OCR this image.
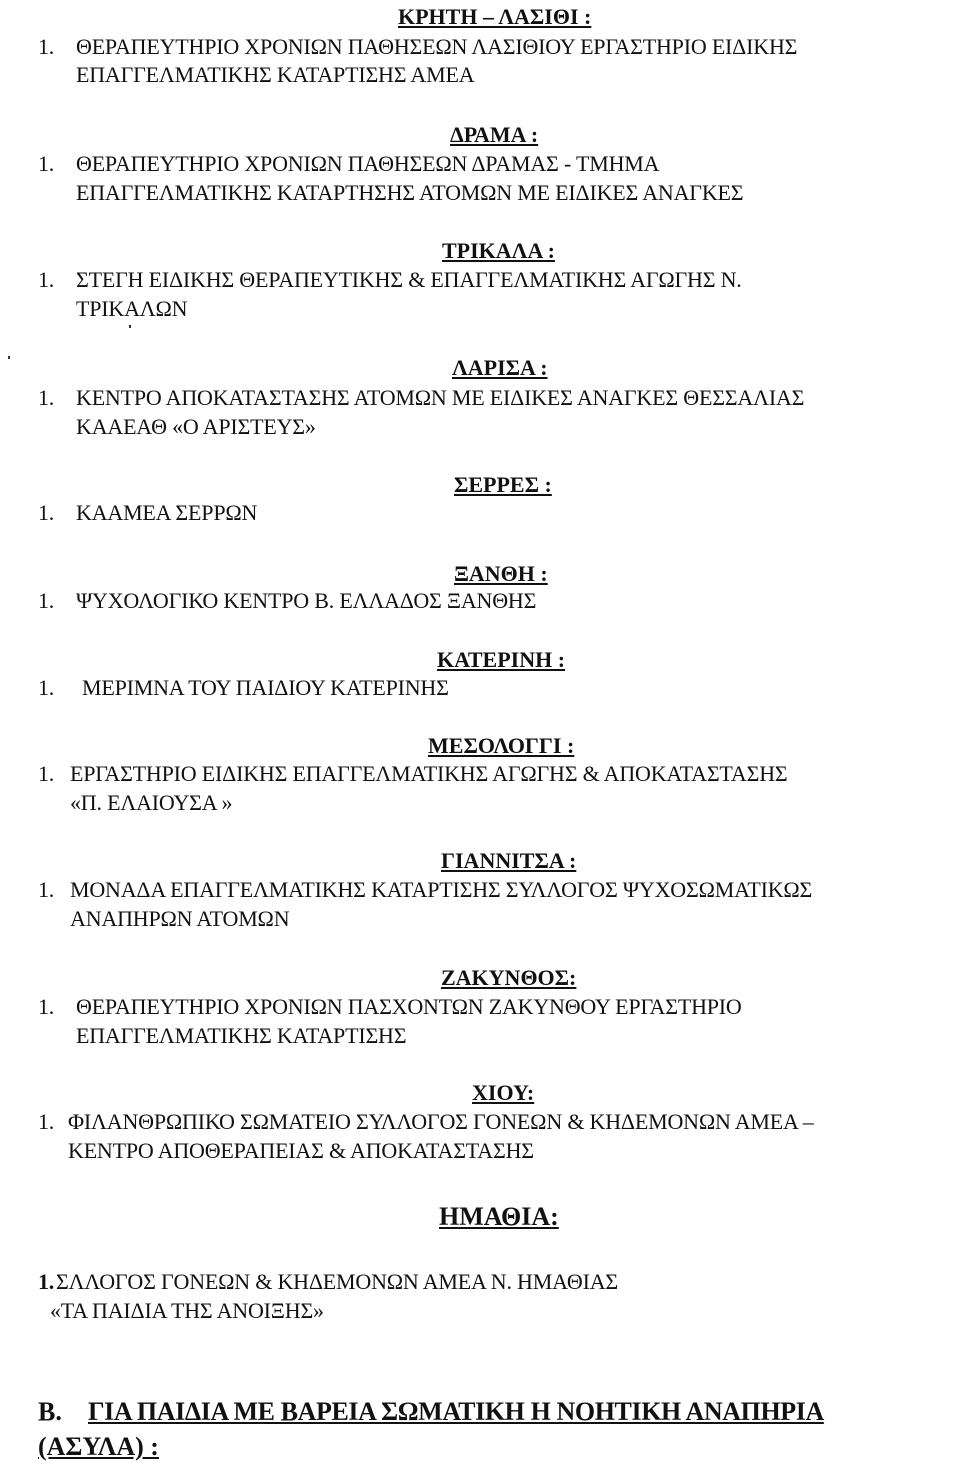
ΚΡΗΤΗ – ΛΑΣΙΘΙ :
1. ΘΕΡΑΠΕΥΤΗΡΙΟ ΧΡΟΝΙΩΝ ΠΑΘΗΣΕΩΝ ΛΑΣΙΘΙΟΥ ΕΡΓΑΣΤΗΡΙΟ ΕΙΔΙΚΗΣ
ΕΠΑΓΓΕΛΜΑΤΙΚΗΣ ΚΑΤΑΡΤΙΣΗΣ ΑΜΕΑ
ΔΡΑΜΑ :
1. ΘΕΡΑΠΕΥΤΗΡΙΟ ΧΡΟΝΙΩΝ ΠΑΘΗΣΕΩΝ ΔΡΑΜΑΣ - ΤΜΗΜΑ
ΕΠΑΓΓΕΛΜΑΤΙΚΗΣ ΚΑΤΑΡΤΗΣΗΣ ΑΤΟΜΩΝ ΜΕ ΕΙΔΙΚΕΣ ΑΝΑΓΚΕΣ
ΤΡΙΚΑΛΑ :
1. ΣΤΕΓΗ ΕΙΔΙΚΗΣ ΘΕΡΑΠΕΥΤΙΚΗΣ & ΕΠΑΓΓΕΛΜΑΤΙΚΗΣ ΑΓΩΓΗΣ Ν.
ΤΡΙΚΑΛΩΝ
ΛΑΡΙΣΑ :
1. ΚΕΝΤΡΟ ΑΠΟΚΑΤΑΣΤΑΣΗΣ ΑΤΟΜΩΝ ΜΕ ΕΙΔΙΚΕΣ ΑΝΑΓΚΕΣ ΘΕΣΣΑΛΙΑΣ
ΚΑΑΕΑΘ «Ο ΑΡΙΣΤΕΥΣ»
ΣΕΡΡΕΣ :
1. ΚΑΑΜΕΑ ΣΕΡΡΩΝ
ΞΑΝΘΗ :
1. ΨΥΧΟΛΟΓΙΚΟ ΚΕΝΤΡΟ Β. ΕΛΛΑΔΟΣ ΞΑΝΘΗΣ
ΚΑΤΕΡΙΝΗ :
1. ΜΕΡΙΜΝΑ ΤΟΥ ΠΑΙΔΙΟΥ ΚΑΤΕΡΙΝΗΣ
ΜΕΣΟΛΟΓΓΙ :
1. ΕΡΓΑΣΤΗΡΙΟ ΕΙΔΙΚΗΣ ΕΠΑΓΓΕΛΜΑΤΙΚΗΣ ΑΓΩΓΗΣ & ΑΠΟΚΑΤΑΣΤΑΣΗΣ
«Π. ΕΛΑΙΟΥΣΑ »
ΓΙΑΝΝΙΤΣΑ :
1. ΜΟΝΑΔΑ ΕΠΑΓΓΕΛΜΑΤΙΚΗΣ ΚΑΤΑΡΤΙΣΗΣ ΣΥΛΛΟΓΟΣ ΨΥΧΟΣΩΜΑΤΙΚΩΣ
ΑΝΑΠΗΡΩΝ ΑΤΟΜΩΝ
ΖΑΚΥΝΘΟΣ:
1. ΘΕΡΑΠΕΥΤΗΡΙΟ ΧΡΟΝΙΩΝ ΠΑΣΧΟΝΤΩΝ ΖΑΚΥΝΘΟΥ ΕΡΓΑΣΤΗΡΙΟ
ΕΠΑΓΓΕΛΜΑΤΙΚΗΣ ΚΑΤΑΡΤΙΣΗΣ
ΧΙΟΥ:
1. ΦΙΛΑΝΘΡΩΠΙΚΟ ΣΩΜΑΤΕΙΟ ΣΥΛΛΟΓΟΣ ΓΟΝΕΩΝ & ΚΗΔΕΜΟΝΩΝ ΑΜΕΑ –
ΚΕΝΤΡΟ ΑΠΟΘΕΡΑΠΕΙΑΣ & ΑΠΟΚΑΤΑΣΤΑΣΗΣ
ΗΜΑΘΙΑ:
1. ΣΛΛΟΓΟΣ ΓΟΝΕΩΝ & ΚΗΔΕΜΟΝΩΝ ΑΜΕΑ Ν. ΗΜΑΘΙΑΣ
«ΤΑ ΠΑΙΔΙΑ ΤΗΣ ΑΝΟΙΞΗΣ»
Β. ΓΙΑ ΠΑΙΔΙΑ ΜΕ ΒΑΡΕΙΑ ΣΩΜΑΤΙΚΗ Η ΝΟΗΤΙΚΗ ΑΝΑΠΗΡΙΑ
(ΑΣΥΛΑ) :
